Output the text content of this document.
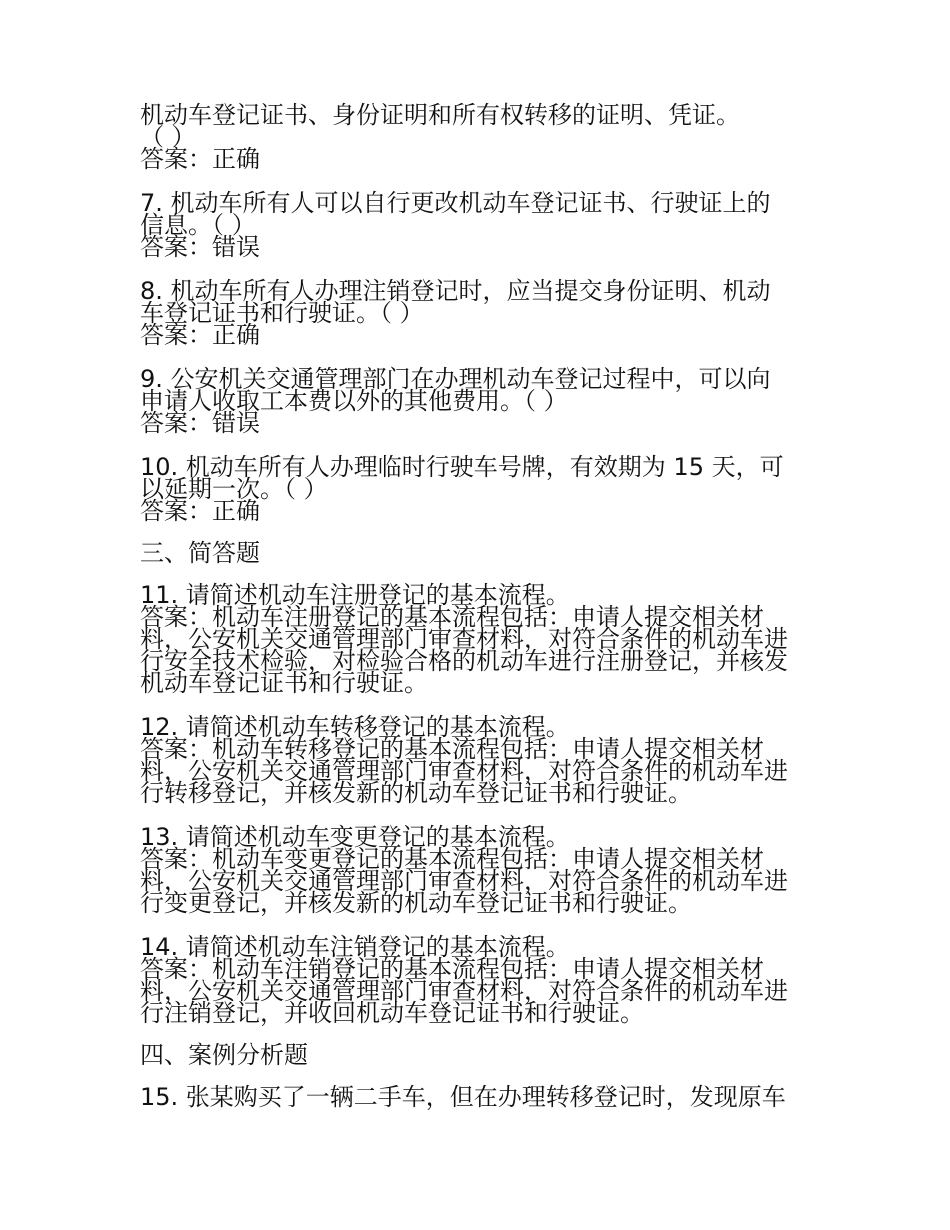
机动车登记证书、身份证明和所有权转移的证明、凭证。
（ ）
答案：正确
7. 机动车所有人可以自行更改机动车登记证书、行驶证上的
信息。（ ）
答案：错误
8. 机动车所有人办理注销登记时，应当提交身份证明、机动
车登记证书和行驶证。（ ）
答案：正确
9. 公安机关交通管理部门在办理机动车登记过程中，可以向
申请人收取工本费以外的其他费用。（ ）
答案：错误
10. 机动车所有人办理临时行驶车号牌，有效期为 15 天，可
以延期一次。（ ）
答案：正确
三、简答题
11. 请简述机动车注册登记的基本流程。
答案：机动车注册登记的基本流程包括：申请人提交相关材
料，公安机关交通管理部门审查材料，对符合条件的机动车进
行安全技术检验，对检验合格的机动车进行注册登记，并核发
机动车登记证书和行驶证。
12. 请简述机动车转移登记的基本流程。
答案：机动车转移登记的基本流程包括：申请人提交相关材
料，公安机关交通管理部门审查材料，对符合条件的机动车进
行转移登记，并核发新的机动车登记证书和行驶证。
13. 请简述机动车变更登记的基本流程。
答案：机动车变更登记的基本流程包括：申请人提交相关材
料，公安机关交通管理部门审查材料，对符合条件的机动车进
行变更登记，并核发新的机动车登记证书和行驶证。
14. 请简述机动车注销登记的基本流程。
答案：机动车注销登记的基本流程包括：申请人提交相关材
料，公安机关交通管理部门审查材料，对符合条件的机动车进
行注销登记，并收回机动车登记证书和行驶证。
四、案例分析题
15. 张某购买了一辆二手车，但在办理转移登记时，发现原车
